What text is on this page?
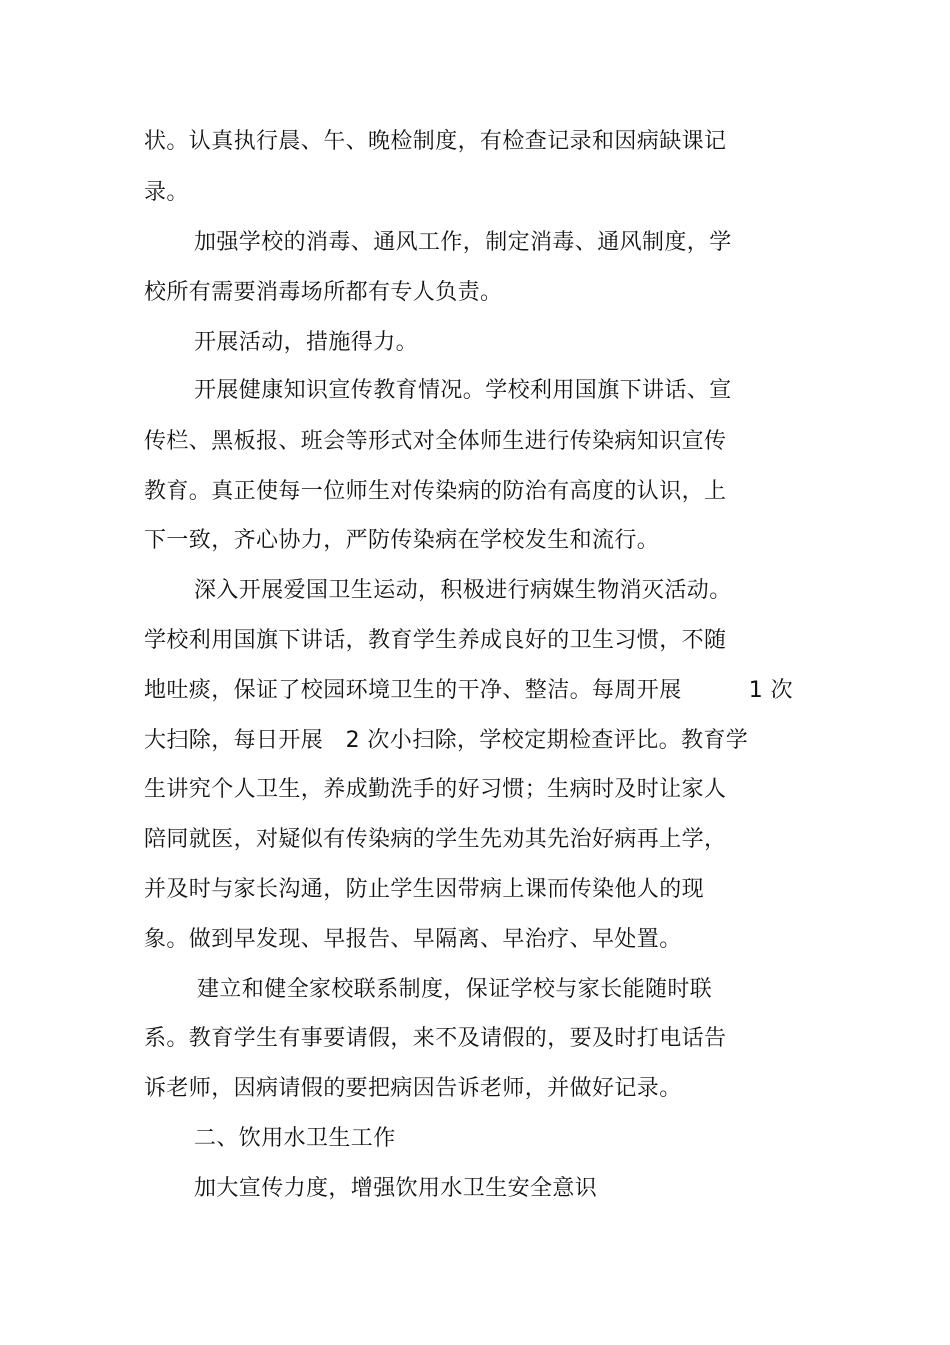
状。认真执行晨、午、晚检制度，有检查记录和因病缺课记
录。
加强学校的消毒、通风工作，制定消毒、通风制度，学
校所有需要消毒场所都有专人负责。
开展活动，措施得力。
开展健康知识宣传教育情况。学校利用国旗下讲话、宣
传栏、黑板报、班会等形式对全体师生进行传染病知识宣传
教育。真正使每一位师生对传染病的防治有高度的认识，上
下一致，齐心协力，严防传染病在学校发生和流行。
深入开展爱国卫生运动，积极进行病媒生物消灭活动。
学校利用国旗下讲话，教育学生养成良好的卫生习惯，不随
地吐痰，保证了校园环境卫生的干净、整洁。每周开展　　　1 次
大扫除，每日开展　2 次小扫除，学校定期检查评比。教育学
生讲究个人卫生，养成勤洗手的好习惯；生病时及时让家人
陪同就医，对疑似有传染病的学生先劝其先治好病再上学，
并及时与家长沟通，防止学生因带病上课而传染他人的现
象。做到早发现、早报告、早隔离、早治疗、早处置。
建立和健全家校联系制度，保证学校与家长能随时联
系。教育学生有事要请假，来不及请假的，要及时打电话告
诉老师，因病请假的要把病因告诉老师，并做好记录。
二、饮用水卫生工作
加大宣传力度，增强饮用水卫生安全意识
